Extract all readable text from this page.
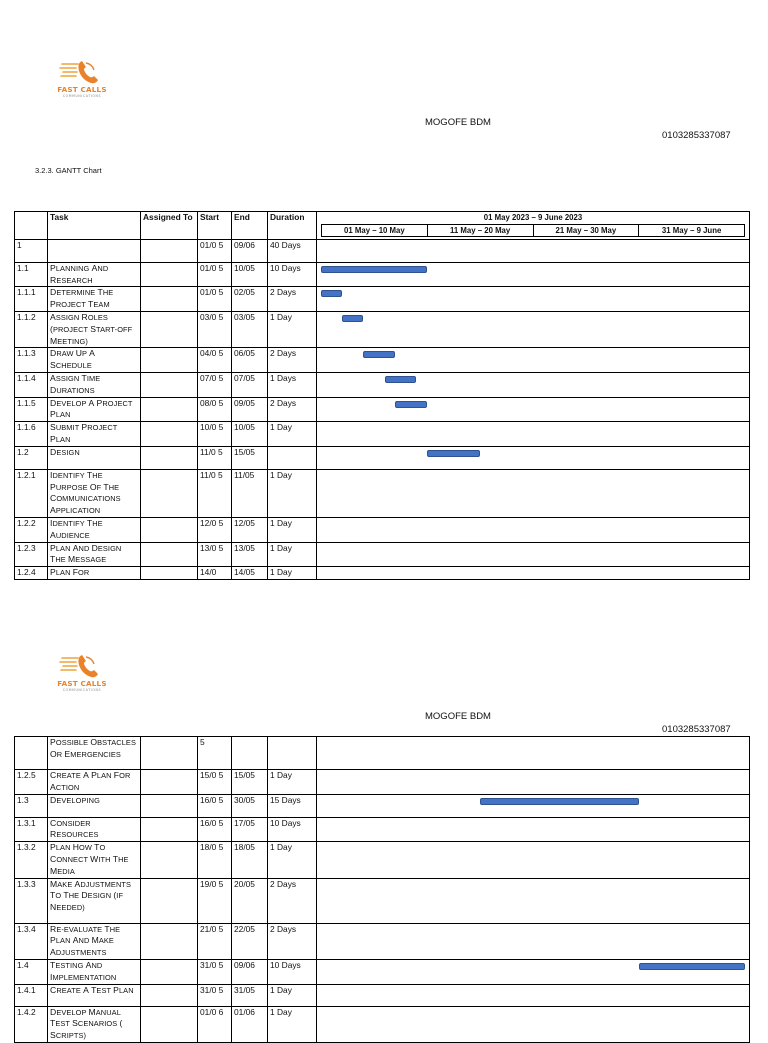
FAST CALLS
COMMUNICATIONS
MOGOFE BDM
0103285337087
3.2.3. GANTT Chart
	Task	Assigned To	Start	End	Duration	01 May 2023 – 9 June 2023
01 May – 10 May 11 May – 20 May 21 May – 30 May 31 May – 9 June

1			01/0 5	09/06	40 Days	
1.1	PLANNING AND RESEARCH		01/0 5	10/05	10 Days	

1.1.1	DETERMINE THE PROJECT TEAM		01/0 5	02/05	2 Days	

1.1.2	ASSIGN ROLES (PROJECT START-OFF MEETING)		03/0 5	03/05	1 Day	

1.1.3	DRAW UP A SCHEDULE		04/0 5	06/05	2 Days	

1.1.4	ASSIGN TIME DURATIONS		07/0 5	07/05	1 Days	

1.1.5	DEVELOP A PROJECT PLAN		08/0 5	09/05	2 Days	

1.1.6	SUBMIT PROJECT PLAN		10/0 5	10/05	1 Day	
1.2	DESIGN		11/0 5	15/05		

1.2.1	IDENTIFY THE PURPOSE OF THE COMMUNICATIONS APPLICATION		11/0 5	11/05	1 Day	
1.2.2	IDENTIFY THE AUDIENCE		12/0 5	12/05	1 Day	
1.2.3	PLAN AND DESIGN THE MESSAGE		13/0 5	13/05	1 Day	
1.2.4	PLAN FOR		14/0	14/05	1 Day	
FAST CALLS
COMMUNICATIONS
MOGOFE BDM
0103285337087
	POSSIBLE OBSTACLES OR EMERGENCIES		5			
1.2.5	CREATE A PLAN FOR ACTION		15/0 5	15/05	1 Day	
1.3	DEVELOPING		16/0 5	30/05	15 Days	

1.3.1	CONSIDER RESOURCES		16/0 5	17/05	10 Days	
1.3.2	PLAN HOW TO CONNECT WITH THE MEDIA		18/0 5	18/05	1 Day	
1.3.3	MAKE ADJUSTMENTS TO THE DESIGN (IF NEEDED)		19/0 5	20/05	2 Days	
1.3.4	RE-EVALUATE THE PLAN AND MAKE ADJUSTMENTS		21/0 5	22/05	2 Days	
1.4	TESTING AND IMPLEMENTATION		31/0 5	09/06	10 Days	

1.4.1	CREATE A TEST PLAN		31/0 5	31/05	1 Day	
1.4.2	DEVELOP MANUAL TEST SCENARIOS ( SCRIPTS)		01/0 6	01/06	1 Day	
